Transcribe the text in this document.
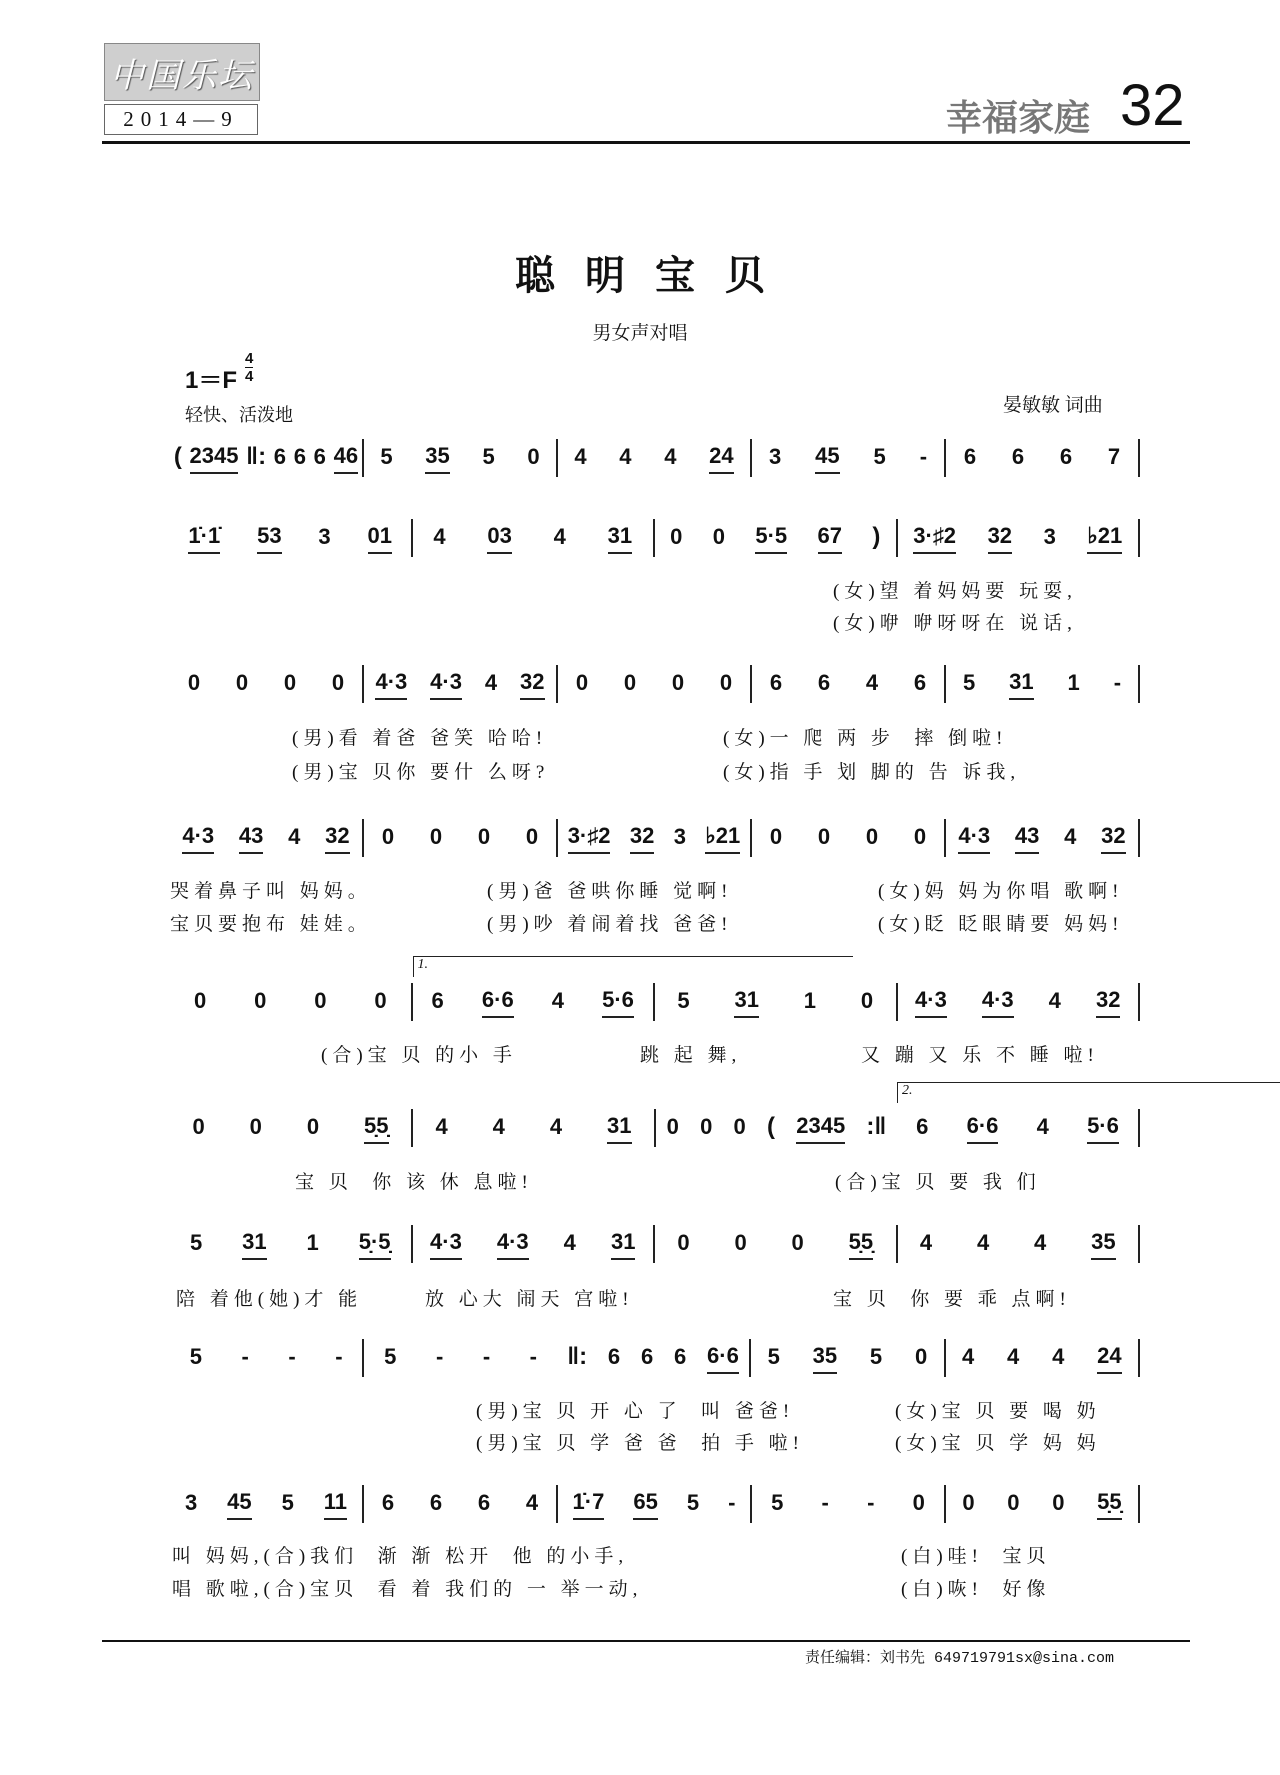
中国乐坛
2014—9	幸福家庭 32
聪明宝贝
男女声对唱
1＝F
4
4
轻快、活泼地	晏敏敏 词曲
( 2345 ‖: 6 6 6 46 5 35 5 0 4 4 4 24 3 45 5 - 6 6 6 7
1̇·1̇ 53 3 01 4 03 4 31 0 0 5·5 67 ) 3·♯2 32 3 ♭21
(女)望 着妈妈要 玩耍,
(女)咿 咿呀呀在 说话,
0 0 0 0 4·3 4·3 4 32 0 0 0 0 6 6 4 6 5 31 1 -
(男)看 着爸 爸笑 哈哈!	(女)一 爬 两 步  摔 倒啦!
(男)宝 贝你 要什 么呀?	(女)指 手 划 脚的 告 诉我,
4·3 43 4 32 0 0 0 0 3·♯2 32 3 ♭21 0 0 0 0 4·3 43 4 32
哭着鼻子叫 妈妈。	(男)爸 爸哄你睡 觉啊!	(女)妈 妈为你唱 歌啊!
宝贝要抱布 娃娃。	(男)吵 着闹着找 爸爸!	(女)眨 眨眼睛要 妈妈!
0 0 0 0
1.
6 6·6 4 5·6 5 31 1 0 4·3 4·3 4 32
(合)宝 贝 的小 手	跳 起 舞,	又 蹦 又 乐 不 睡 啦!
0 0 0 5̣5̣ 4 4 4 31 0 0 0 ( 2345 :‖
2.
6 6·6 4 5·6
宝 贝  你 该 休 息啦!	(合)宝 贝 要 我 们
5 31 1 5̣·5̣ 4·3 4·3 4 31 0 0 0 5̣5̣ 4 4 4 35
陪 着他(她)才 能	放 心大 闹天 宫啦!	宝 贝  你 要 乖 点啊!
5 - - - 5 - - - ‖: 6 6 6 6·6 5 35 5 0 4 4 4 24
(男)宝 贝 开 心 了  叫 爸爸!	(女)宝 贝 要 喝 奶
(男)宝 贝 学 爸 爸  拍 手 啦!	(女)宝 贝 学 妈 妈
3 45 5 11 6 6 6 4 1̇·7 65 5 - 5 - - 0 0 0 0 5̣5̣
叫 妈妈,(合)我们  渐 渐 松开  他 的小手,	(白)哇!  宝贝
唱 歌啦,(合)宝贝  看 着 我们的 一 举一动,	(白)咴!  好像
责任编辑：刘书先 649719791sx@sina.com
